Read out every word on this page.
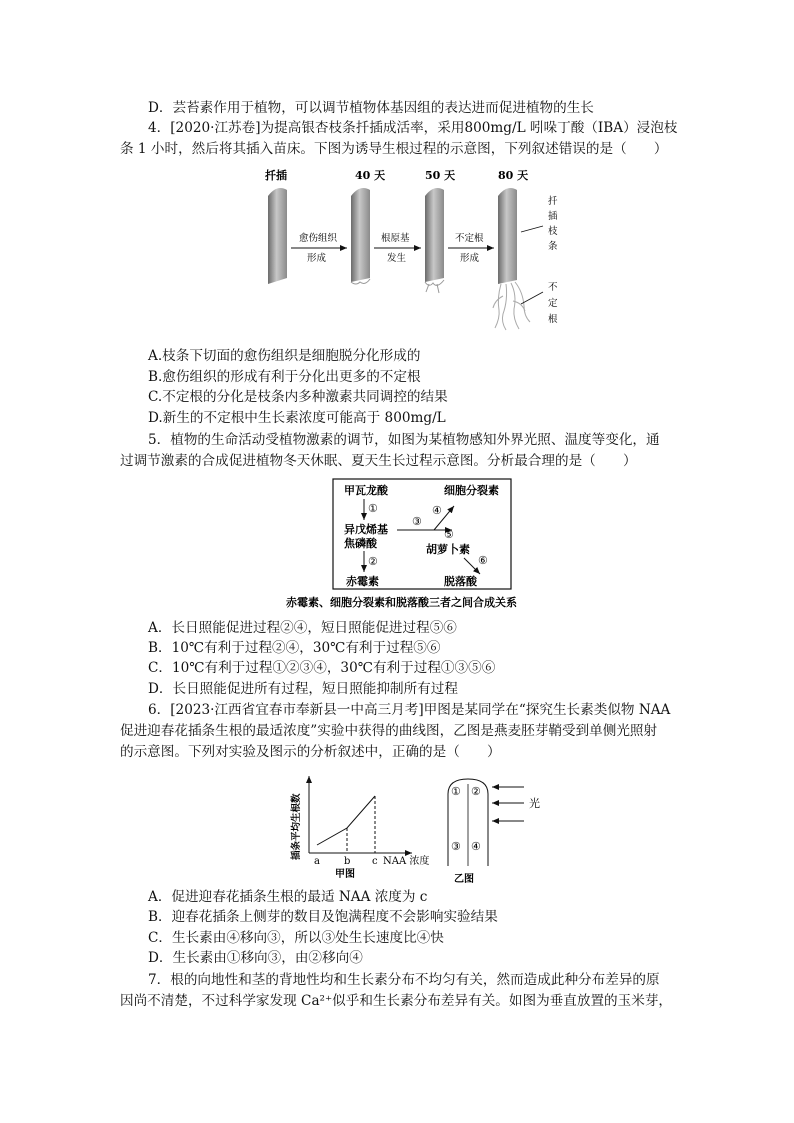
D．芸苔素作用于植物，可以调节植物体基因组的表达进而促进植物的生长
4．[2020·江苏卷]为提高银杏枝条扦插成活率，采用800mg/L 吲哚丁酸（IBA）浸泡枝
条 1 小时，然后将其插入苗床。下图为诱导生根过程的示意图，下列叙述错误的是（　　）
扦插	40 天	50 天	80 天
愈伤组织
形成
根原基
发生
不定根
形成
扦
插
枝
条
不
定
根
A.枝条下切面的愈伤组织是细胞脱分化形成的
B.愈伤组织的形成有利于分化出更多的不定根
C.不定根的分化是枝条内多种激素共同调控的结果
D.新生的不定根中生长素浓度可能高于 800mg/L
5．植物的生命活动受植物激素的调节，如图为某植物感知外界光照、温度等变化，通
过调节激素的合成促进植物冬天休眠、夏天生长过程示意图。分析最合理的是（　　）
甲瓦龙酸	细胞分裂素
①
异戊烯基
焦磷酸
③
④
⑤
胡萝卜素
⑥
②
赤霉素	脱落酸
赤霉素、细胞分裂素和脱落酸三者之间合成关系
A．长日照能促进过程②④，短日照能促进过程⑤⑥
B．10℃有利于过程②④，30℃有利于过程⑤⑥
C．10℃有利于过程①②③④，30℃有利于过程①③⑤⑥
D．长日照能促进所有过程，短日照能抑制所有过程
6．[2023·江西省宜春市奉新县一中高三月考]甲图是某同学在“探究生长素类似物 NAA
促进迎春花插条生根的最适浓度”实验中获得的曲线图，乙图是燕麦胚芽鞘受到单侧光照射
的示意图。下列对实验及图示的分析叙述中，正确的是（　　）
插条平均生根数
a b c NAA 浓度
甲图
① ②
③ ④
光
乙图
A．促进迎春花插条生根的最适 NAA 浓度为 c
B．迎春花插条上侧芽的数目及饱满程度不会影响实验结果
C．生长素由④移向③，所以③处生长速度比④快
D．生长素由①移向③，由②移向④
7．根的向地性和茎的背地性均和生长素分布不均匀有关，然而造成此种分布差异的原
因尚不清楚，不过科学家发现 Ca²⁺似乎和生长素分布差异有关。如图为垂直放置的玉米芽，
